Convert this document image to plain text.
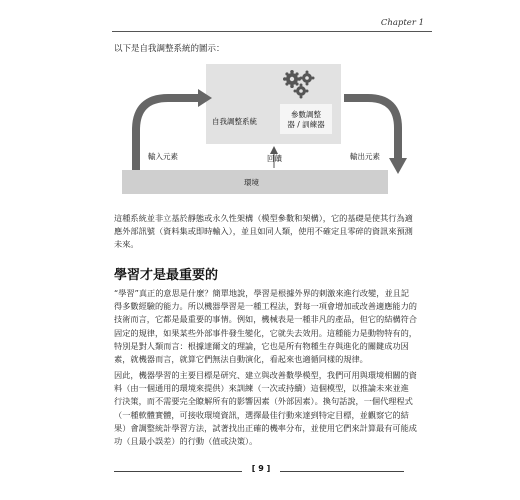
Chapter 1
以下是自我調整系統的圖示：
自我調整系統
參數調整
器 / 訓練器
輸入元素	回饋	輸出元素
環境
這種系統並非立基於靜態或永久性架構（模型參數和架構），它的基礎是使其行為適
應外部訊號（資料集或即時輸入），並且如同人類，使用不確定且零碎的資訊來預測
未來。
學習才是最重要的
“學習”真正的意思是什麼？簡單地說，學習是根據外界的刺激來進行改變，並且記
得多數經驗的能力。所以機器學習是一種工程法，對每一項會增加或改善適應能力的
技術而言，它都是最重要的事情。例如，機械表是一種非凡的產品，但它的結構符合
固定的規律，如果某些外部事件發生變化，它就失去效用。這種能力是動物特有的，
特別是對人類而言：根據達爾文的理論，它也是所有物種生存與進化的關鍵成功因
素，就機器而言，就算它們無法自動演化，看起來也適循同樣的規律。
因此，機器學習的主要目標是研究、建立與改善數學模型，我們可用與環境相關的資
料（由一個通用的環境來提供）來訓練（一次或持續）這個模型，以推論未來並進
行決策，而不需要完全瞭解所有的影響因素（外部因素）。換句話說，一個代理程式
（一種軟體實體，可接收環境資訊，選擇最佳行動來達到特定目標，並觀察它的結
果）會調整統計學習方法，試著找出正確的機率分布，並使用它們來計算最有可能成
功（且最小誤差）的行動（值或決策）。
[ 9 ]
